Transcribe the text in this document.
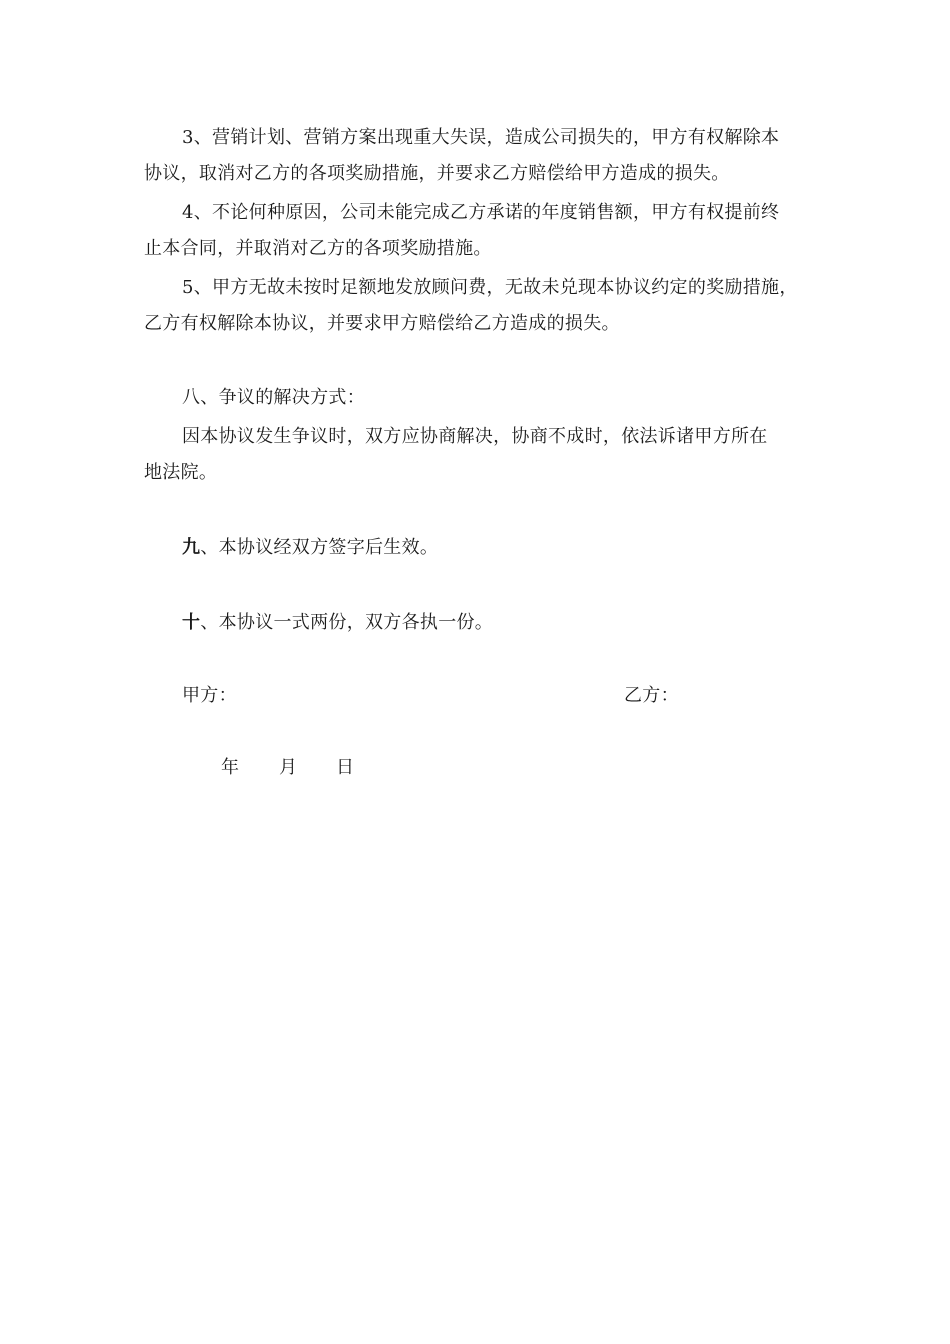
3、营销计划、营销方案出现重大失误，造成公司损失的，甲方有权解除本
协议，取消对乙方的各项奖励措施，并要求乙方赔偿给甲方造成的损失。
4、不论何种原因，公司未能完成乙方承诺的年度销售额，甲方有权提前终
止本合同，并取消对乙方的各项奖励措施。
5、甲方无故未按时足额地发放顾问费，无故未兑现本协议约定的奖励措施，
乙方有权解除本协议，并要求甲方赔偿给乙方造成的损失。
八、争议的解决方式：
因本协议发生争议时，双方应协商解决，协商不成时，依法诉诸甲方所在
地法院。
九、本协议经双方签字后生效。
十、本协议一式两份，双方各执一份。
甲方：	乙方：
年 月 日
